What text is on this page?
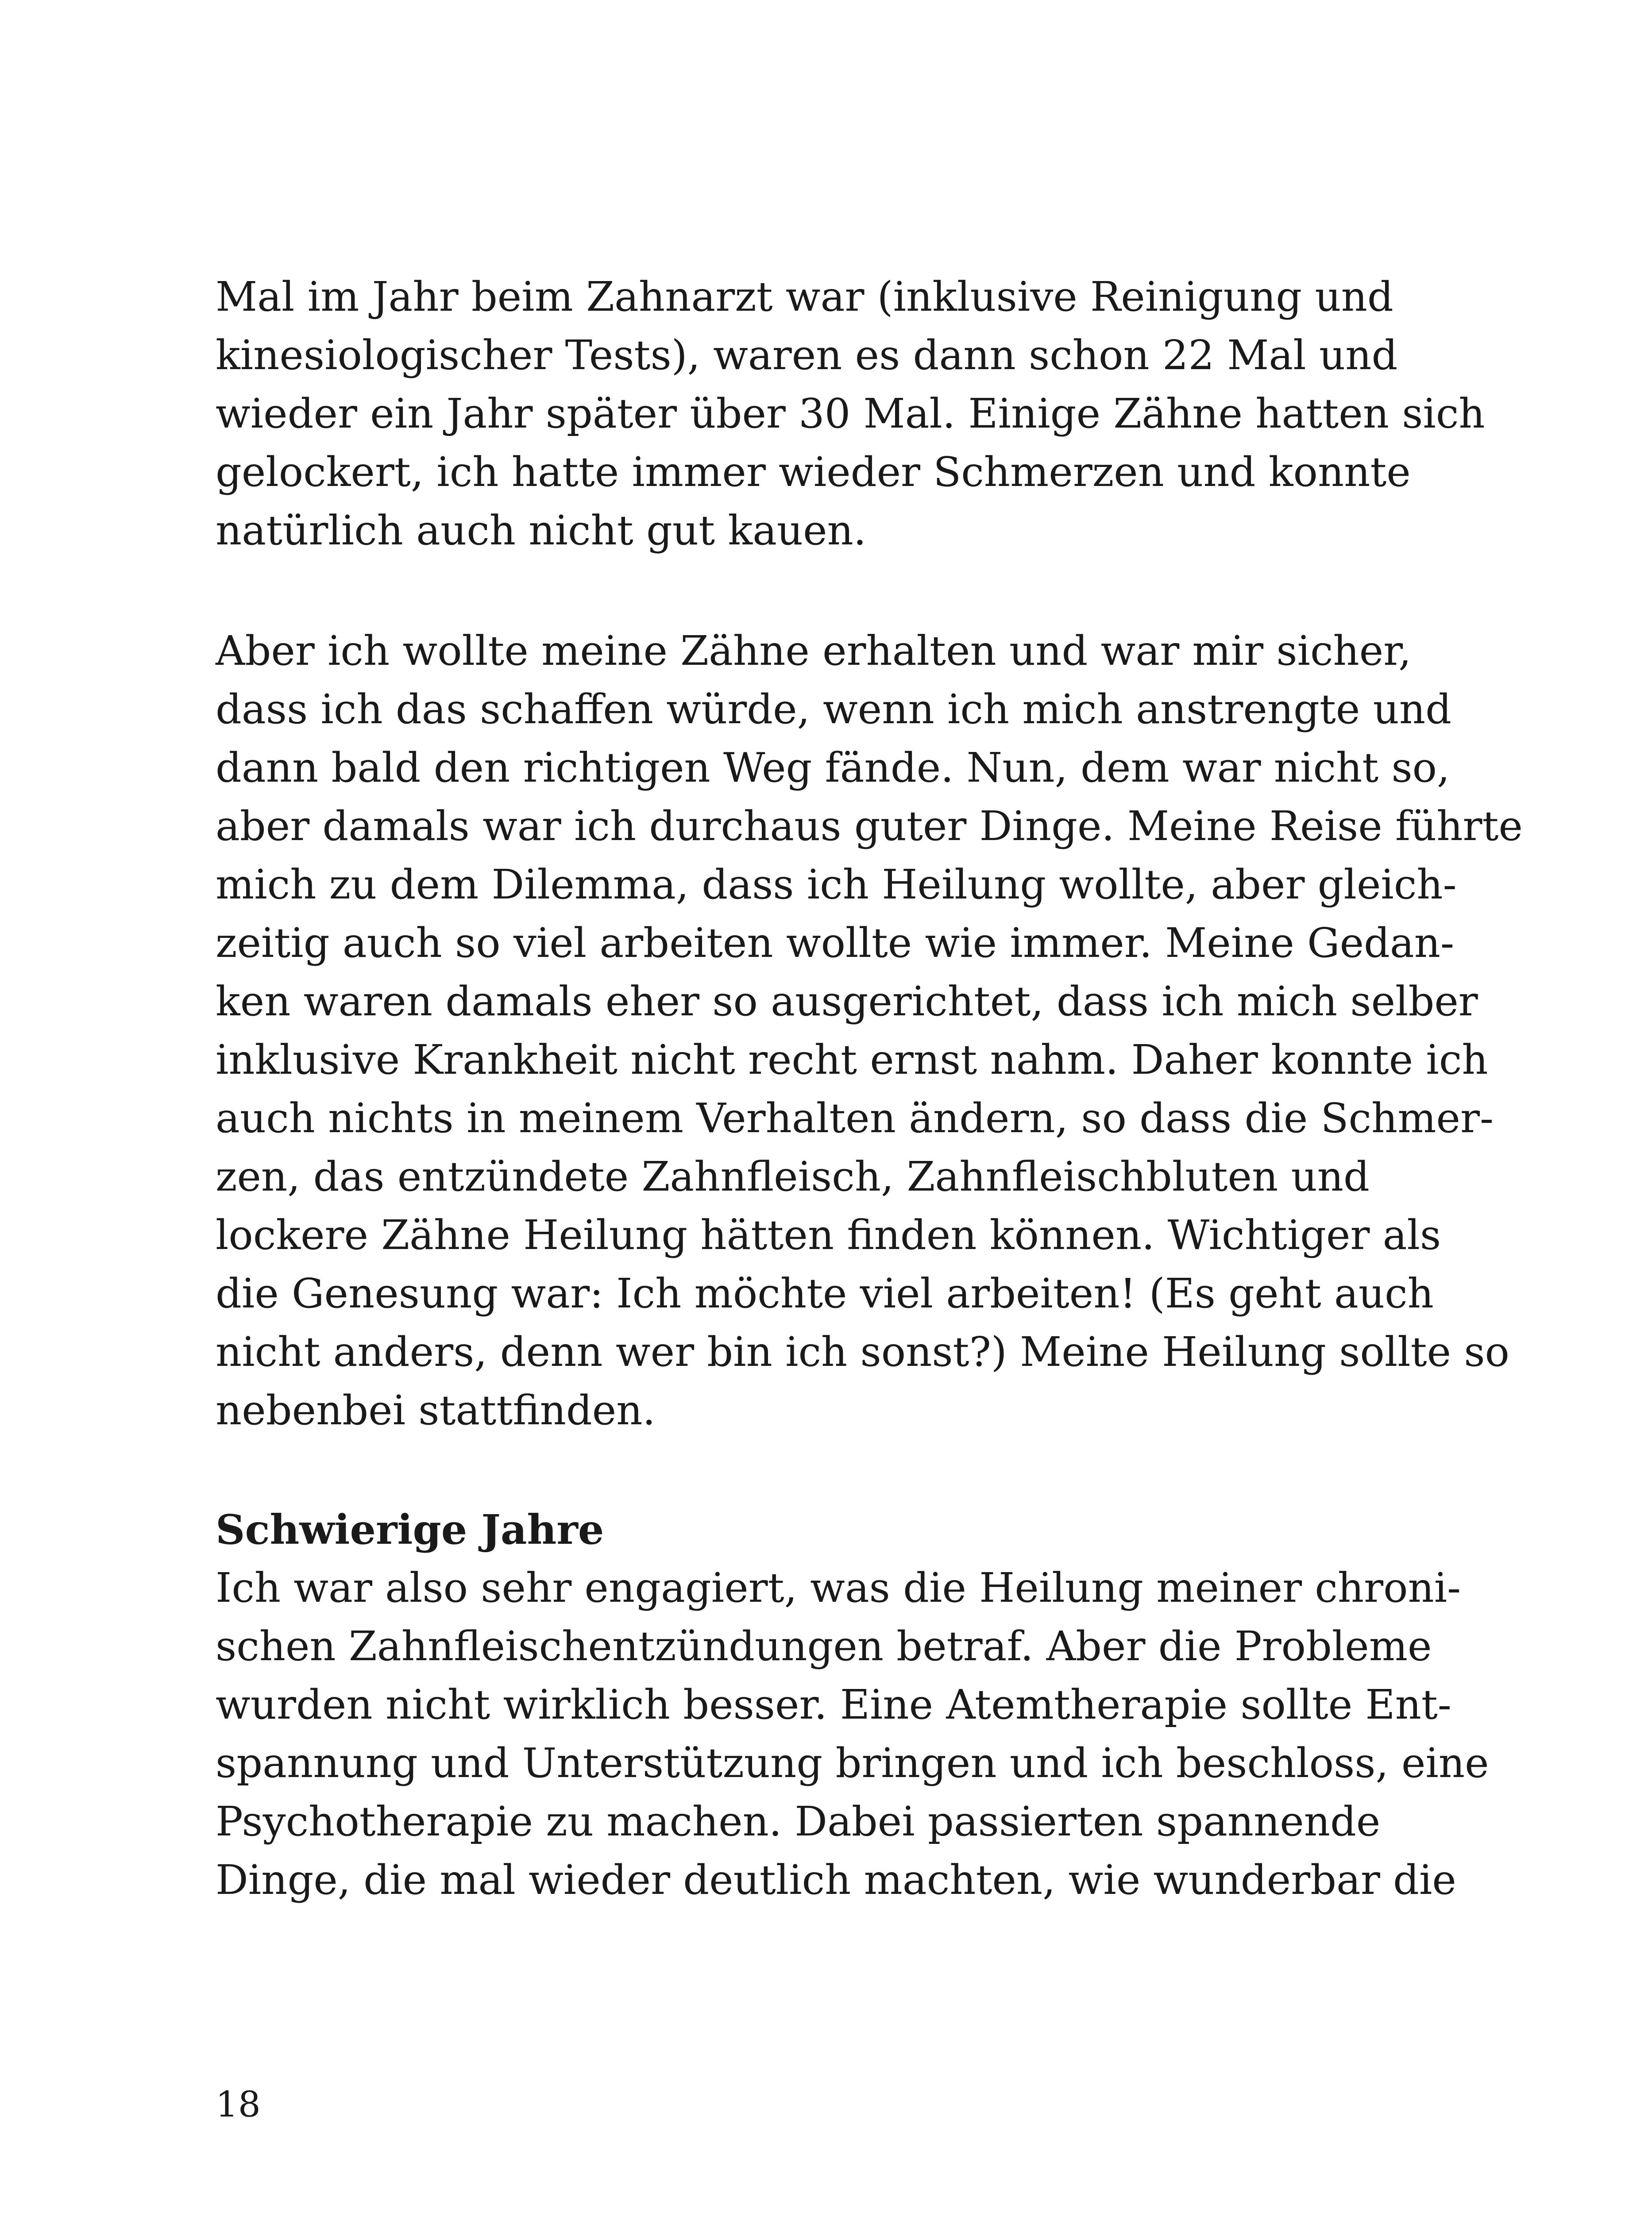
Mal im Jahr beim Zahnarzt war (inklusive Reinigung und
kinesiologischer Tests), waren es dann schon 22 Mal und
wieder ein Jahr später über 30 Mal. Einige Zähne hatten sich
gelockert, ich hatte immer wieder Schmerzen und konnte
natürlich auch nicht gut kauen.
Aber ich wollte meine Zähne erhalten und war mir sicher,
dass ich das schaffen würde, wenn ich mich anstrengte und
dann bald den richtigen Weg fände. Nun, dem war nicht so,
aber damals war ich durchaus guter Dinge. Meine Reise führte
mich zu dem Dilemma, dass ich Heilung wollte, aber gleich-
zeitig auch so viel arbeiten wollte wie immer. Meine Gedan-
ken waren damals eher so ausgerichtet, dass ich mich selber
inklusive Krankheit nicht recht ernst nahm. Daher konnte ich
auch nichts in meinem Verhalten ändern, so dass die Schmer-
zen, das entzündete Zahnfleisch, Zahnfleischbluten und
lockere Zähne Heilung hätten finden können. Wichtiger als
die Genesung war: Ich möchte viel arbeiten! (Es geht auch
nicht anders, denn wer bin ich sonst?) Meine Heilung sollte so
nebenbei stattfinden.
Schwierige Jahre
Ich war also sehr engagiert, was die Heilung meiner chroni-
schen Zahnfleischentzündungen betraf. Aber die Probleme
wurden nicht wirklich besser. Eine Atemtherapie sollte Ent-
spannung und Unterstützung bringen und ich beschloss, eine
Psychotherapie zu machen. Dabei passierten spannende
Dinge, die mal wieder deutlich machten, wie wunderbar die
18
